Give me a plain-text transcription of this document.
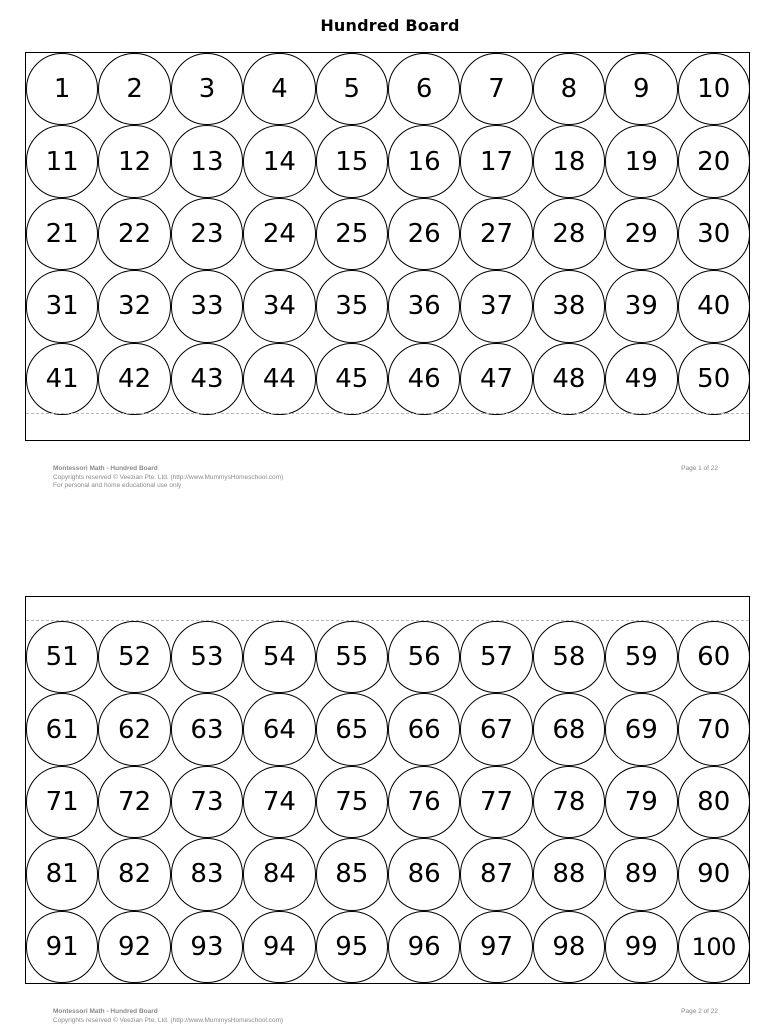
Hundred Board
1	2	3	4	5	6	7	8	9	10
11	12	13	14	15	16	17	18	19	20
21	22	23	24	25	26	27	28	29	30
31	32	33	34	35	36	37	38	39	40
41	42	43	44	45	46	47	48	49	50
Montessori Math - Hundred Board
Copyrights reserved © Veezian Pte. Ltd. (http://www.MummysHomeschool.com)
For personal and home educational use only
Page 1 of 22
51	52	53	54	55	56	57	58	59	60
61	62	63	64	65	66	67	68	69	70
71	72	73	74	75	76	77	78	79	80
81	82	83	84	85	86	87	88	89	90
91	92	93	94	95	96	97	98	99	100
Montessori Math - Hundred Board
Copyrights reserved © Veezian Pte. Ltd. (http://www.MummysHomeschool.com)
Page 2 of 22
